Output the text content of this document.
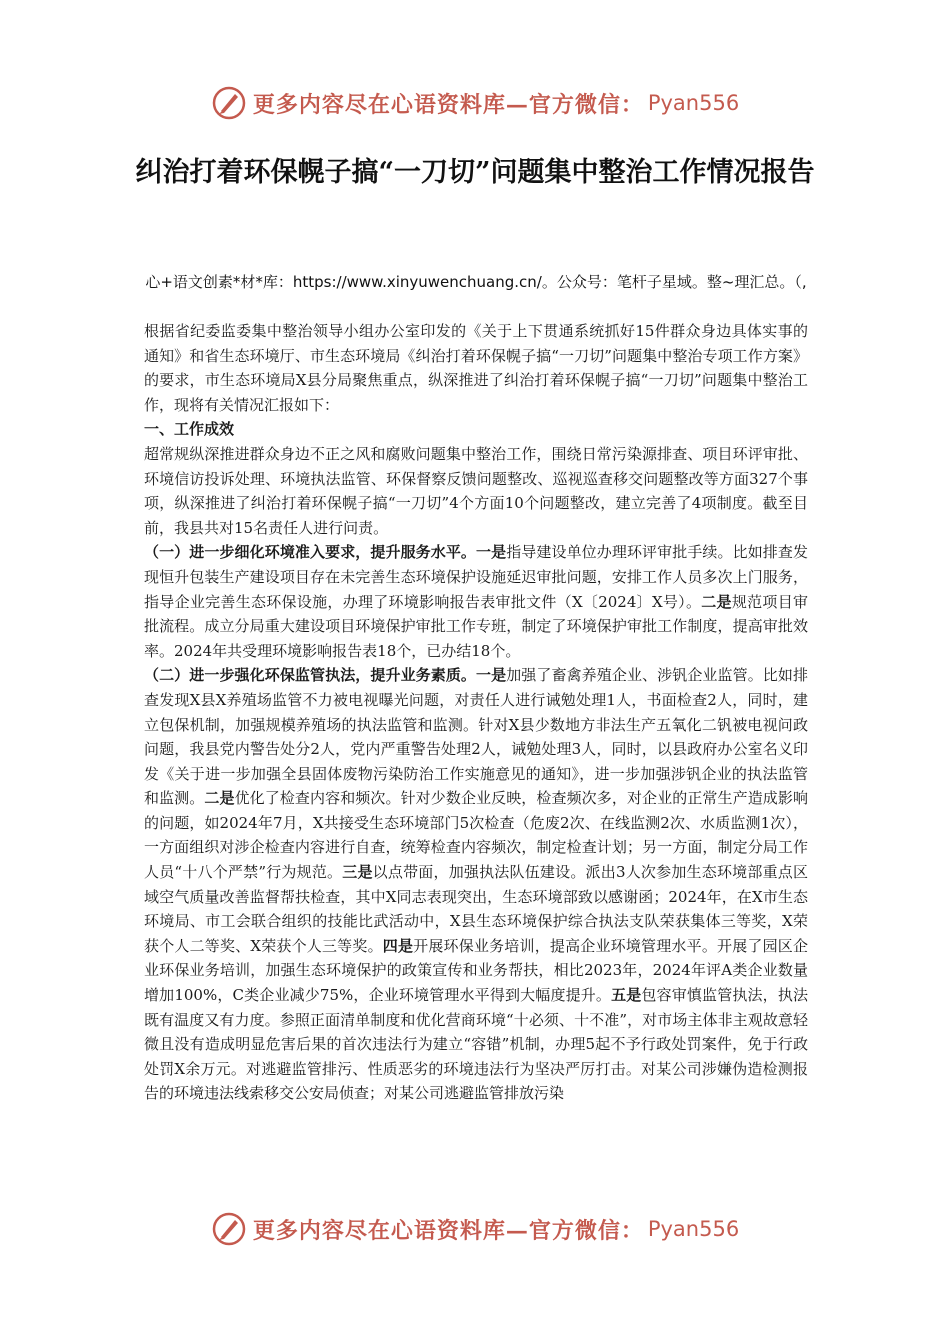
更多内容尽在心语资料库—官方微信： Pyan556
纠治打着环保幌子搞“一刀切”问题集中整治工作情况报告
心+语文创素*材*库：https://www.xinyuwenchuang.cn/。公众号：笔杆子星域。整~理汇总。（,

根据省纪委监委集中整治领导小组办公室印发的《关于上下贯通系统抓好15件群众身边具体实事的通知》和省生态环境厅、市生态环境局《纠治打着环保幌子搞“一刀切”问题集中整治专项工作方案》的要求，市生态环境局X县分局聚焦重点，纵深推进了纠治打着环保幌子搞“一刀切”问题集中整治工作，现将有关情况汇报如下：

一、工作成效

超常规纵深推进群众身边不正之风和腐败问题集中整治工作，围绕日常污染源排查、项目环评审批、环境信访投诉处理、环境执法监管、环保督察反馈问题整改、巡视巡查移交问题整改等方面327个事项，纵深推进了纠治打着环保幌子搞“一刀切”4个方面10个问题整改，建立完善了4项制度。截至目前，我县共对15名责任人进行问责。

（一）进一步细化环境准入要求，提升服务水平。一是指导建设单位办理环评审批手续。比如排查发现恒升包装生产建设项目存在未完善生态环境保护设施延迟审批问题，安排工作人员多次上门服务，指导企业完善生态环保设施，办理了环境影响报告表审批文件（X〔2024〕X号）。二是规范项目审批流程。成立分局重大建设项目环境保护审批工作专班，制定了环境保护审批工作制度，提高审批效率。2024年共受理环境影响报告表18个，已办结18个。

（二）进一步强化环保监管执法，提升业务素质。一是加强了畜禽养殖企业、涉钒企业监管。比如排查发现X县X养殖场监管不力被电视曝光问题，对责任人进行诫勉处理1人，书面检查2人，同时，建立包保机制，加强规模养殖场的执法监管和监测。针对X县少数地方非法生产五氧化二钒被电视问政问题，我县党内警告处分2人，党内严重警告处理2人，诫勉处理3人，同时，以县政府办公室名义印发《关于进一步加强全县固体废物污染防治工作实施意见的通知》，进一步加强涉钒企业的执法监管和监测。二是优化了检查内容和频次。针对少数企业反映，检查频次多，对企业的正常生产造成影响的问题，如2024年7月，X共接受生态环境部门5次检查（危废2次、在线监测2次、水质监测1次），一方面组织对涉企检查内容进行自查，统筹检查内容频次，制定检查计划；另一方面，制定分局工作人员“十八个严禁”行为规范。三是以点带面，加强执法队伍建设。派出3人次参加生态环境部重点区域空气质量改善监督帮扶检查，其中X同志表现突出，生态环境部致以感谢函；2024年，在X市生态环境局、市工会联合组织的技能比武活动中，X县生态环境保护综合执法支队荣获集体三等奖，X荣获个人二等奖、X荣获个人三等奖。四是开展环保业务培训，提高企业环境管理水平。开展了园区企业环保业务培训，加强生态环境保护的政策宣传和业务帮扶，相比2023年，2024年评A类企业数量增加100%，C类企业减少75%，企业环境管理水平得到大幅度提升。五是包容审慎监管执法，执法既有温度又有力度。参照正面清单制度和优化营商环境“十必须、十不准”，对市场主体非主观故意轻微且没有造成明显危害后果的首次违法行为建立“容错”机制，办理5起不予行政处罚案件，免于行政处罚X余万元。对逃避监管排污、性质恶劣的环境违法行为坚决严厉打击。对某公司涉嫌伪造检测报告的环境违法线索移交公安局侦查；对某公司逃避监管排放污染

更多内容尽在心语资料库—官方微信： Pyan556
